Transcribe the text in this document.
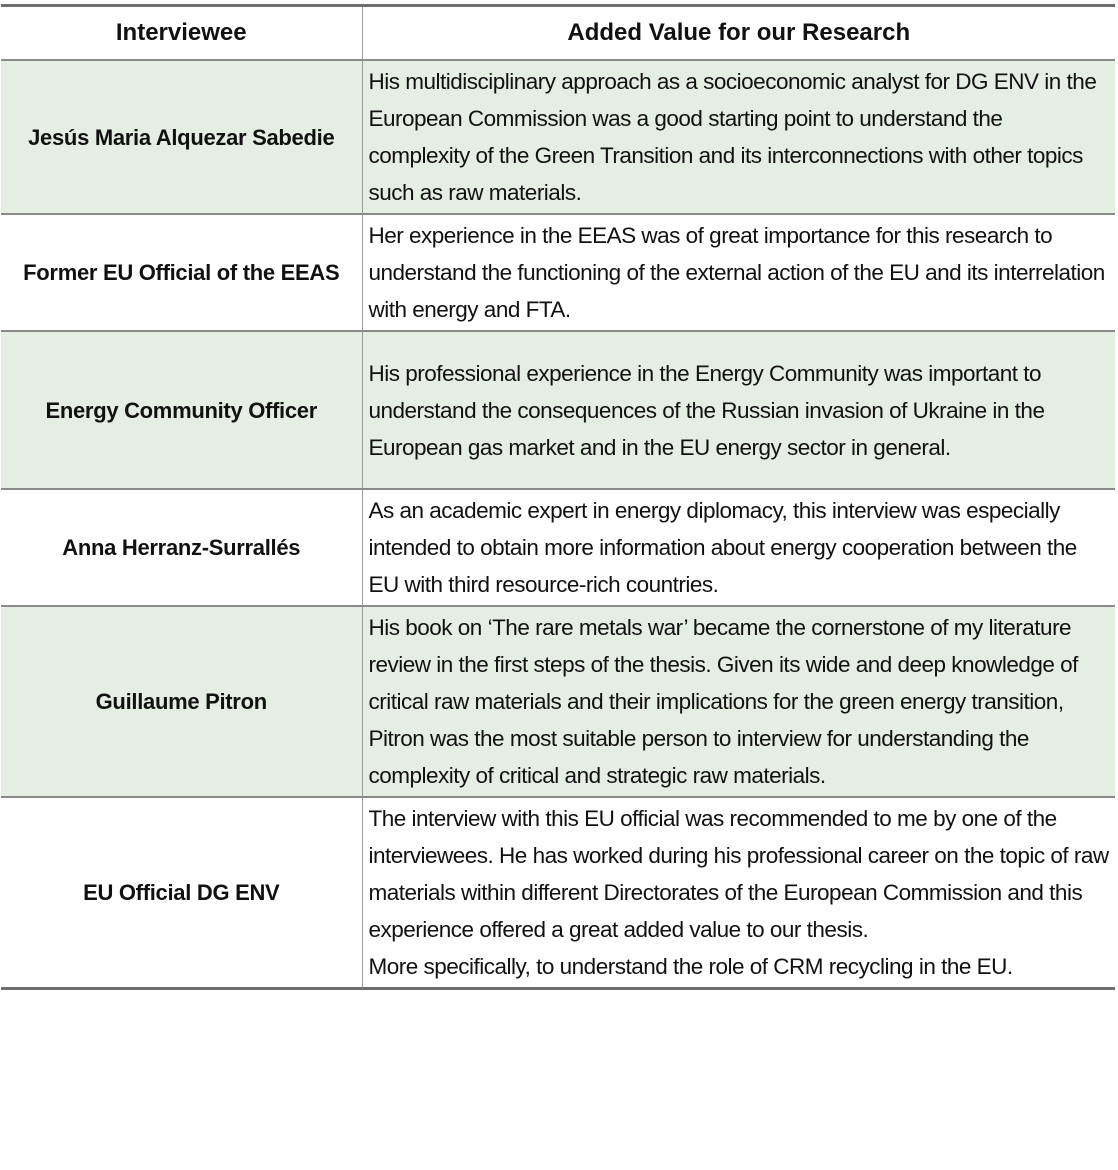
Interviewee	Added Value for our Research
Jesús Maria Alquezar Sabedie	His multidisciplinary approach as a socioeconomic analyst for DG ENV in the European Commission was a good starting point to understand the complexity of the Green Transition and its interconnections with other topics such as raw materials.

Former EU Official of the EEAS	Her experience in the EEAS was of great importance for this research to understand the functioning of the external action of the EU and its interrelation with energy and FTA.

Energy Community Officer	His professional experience in the Energy Community was important to understand the consequences of the Russian invasion of Ukraine in the European gas market and in the EU energy sector in general.

Anna Herranz-Surrallés	As an academic expert in energy diplomacy, this interview was especially intended to obtain more information about energy cooperation between the EU with third resource-rich countries.

Guillaume Pitron	His book on ‘The rare metals war’ became the cornerstone of my literature review in the first steps of the thesis. Given its wide and deep knowledge of critical raw materials and their implications for the green energy transition, Pitron was the most suitable person to interview for understanding the complexity of critical and strategic raw materials.

EU Official DG ENV	The interview with this EU official was recommended to me by one of the interviewees. He has worked during his professional career on the topic of raw materials within different Directorates of the European Commission and this experience offered a great added value to our thesis.
More specifically, to understand the role of CRM recycling in the EU.
